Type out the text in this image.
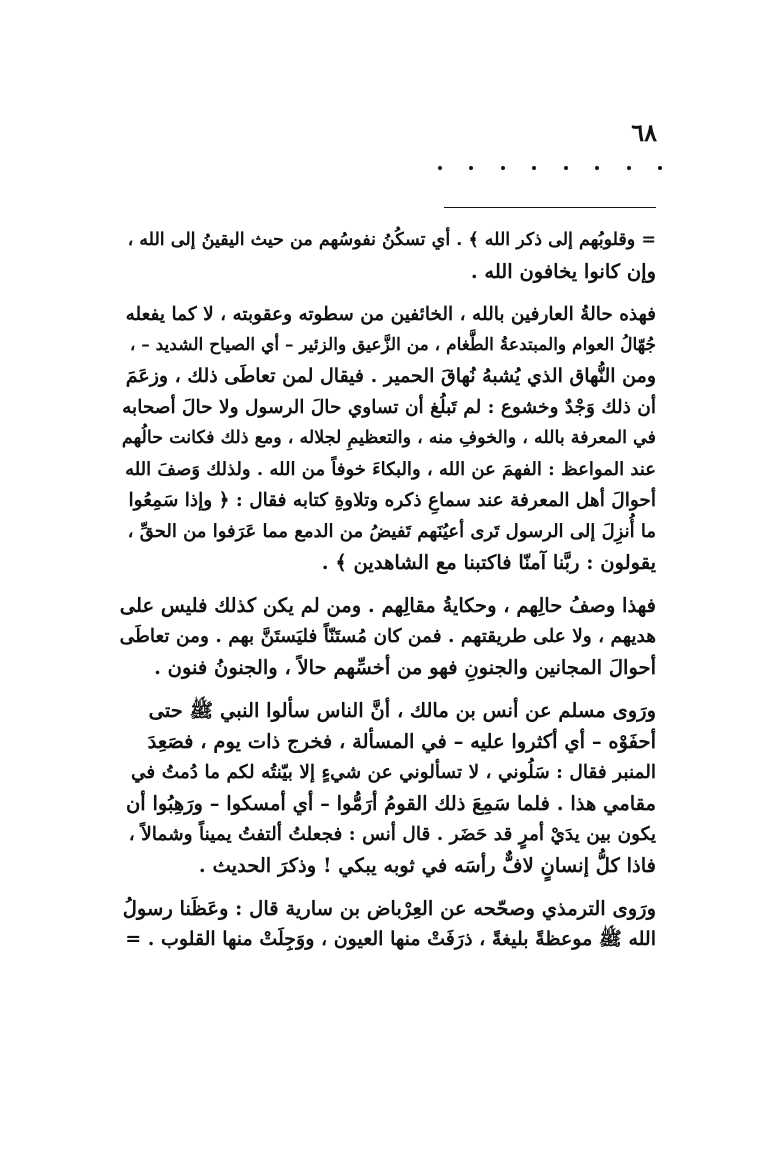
٦٨

= وقلوبُهم إلى ذكر الله ﴾ . أي تسكُنُ نفوسُهم من حيث اليقينُ إلى الله ،
وإن كانوا يخافون الله .

فهذه حالةُ العارفين بالله ، الخائفين من سطوته وعقوبته ، لا كما يفعله
جُهّالُ العوام والمبتدعةُ الطَّغام ، من الزَّعيق والزئير – أي الصياح الشديد – ،
ومن النُّهاق الذي يُشبهُ نُهاقَ الحمير . فيقال لمن تعاطَى ذلك ، وزعَمَ
أن ذلك وَجْدٌ وخشوع : لم تَبلُغ أن تساوي حالَ الرسول ولا حالَ أصحابه
في المعرفة بالله ، والخوفِ منه ، والتعظيمِ لجلاله ، ومع ذلك فكانت حالُهم
عند المواعظ : الفهمَ عن الله ، والبكاءَ خوفاً من الله . ولذلك وَصفَ الله
أحوالَ أهل المعرفة عند سماعِ ذكره وتلاوةِ كتابه فقال : ﴿ وإذا سَمِعُوا
ما أُنزِلَ إلى الرسول تَرى أعيُنَهم تَفيضُ من الدمع مما عَرَفوا من الحقِّ ،
يقولون : ربَّنا آمنّا فاكتبنا مع الشاهدين ﴾ .

فهذا وصفُ حالِهم ، وحكايةُ مقالِهم . ومن لم يكن كذلك فليس على
هديهم ، ولا على طريقتهم . فمن كان مُستَنّاً فليَستَنَّ بهم . ومن تعاطَى
أحوالَ المجانين والجنونِ فهو من أخسِّهم حالاً ، والجنونُ فنون .

ورَوى مسلم عن أنس بن مالك ، أنَّ الناس سألوا النبي ﷺ حتى
أحفَوْه – أي أكثروا عليه – في المسألة ، فخرج ذات يوم ، فصَعِدَ
المنبر فقال : سَلُوني ، لا تسألوني عن شيءٍ إلا بيّنتُه لكم ما دُمتُ في
مقامي هذا . فلما سَمِعَ ذلك القومُ أرَمُّوا – أي أمسكوا – ورَهِبُوا أن
يكون بين يدَيْ أمرٍ قد حَضَر . قال أنس : فجعلتُ ألتفتُ يميناً وشمالاً ،
فاذا كلُّ إنسانٍ لافٌّ رأسَه في ثوبه يبكي ! وذكرَ الحديث .

ورَوى الترمذي وصحّحه عن العِرْباض بن سارية قال : وعَظَنا رسولُ
الله ﷺ موعظةً بليغةً ، ذرَفَتْ منها العيون ، ووَجِلَتْ منها القلوب . =
